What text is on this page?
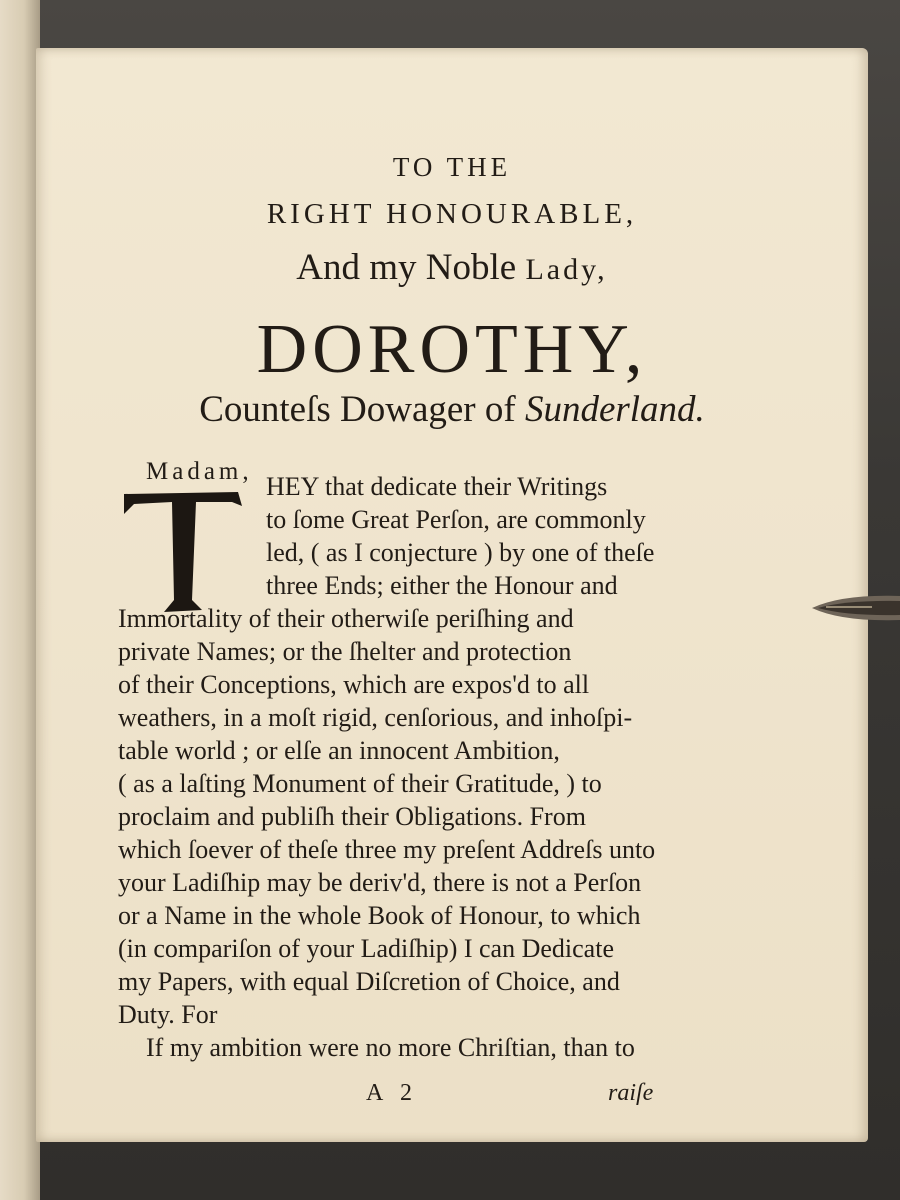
TO THE
RIGHT HONOURABLE,
And my Noble Lady,
DOROTHY,
Counteſs Dowager of Sunderland.
Madam,
HEY that dedicate their Writings
to ſome Great Perſon, are commonly
led, ( as I conjecture ) by one of theſe
three Ends; either the Honour and
Immortality of their otherwiſe periſhing and
private Names; or the ſhelter and protection
of their Conceptions, which are expos'd to all
weathers, in a moſt rigid, cenſorious, and inhoſpi-
table world ; or elſe an innocent Ambition,
( as a laſting Monument of their Gratitude, ) to
proclaim and publiſh their Obligations. From
which ſoever of theſe three my preſent Addreſs unto
your Ladiſhip may be deriv'd, there is not a Perſon
or a Name in the whole Book of Honour, to which
(in compariſon of your Ladiſhip) I can Dedicate
my Papers, with equal Diſcretion of Choice, and
Duty. For
If my ambition were no more Chriſtian, than to
A 2	raiſe
